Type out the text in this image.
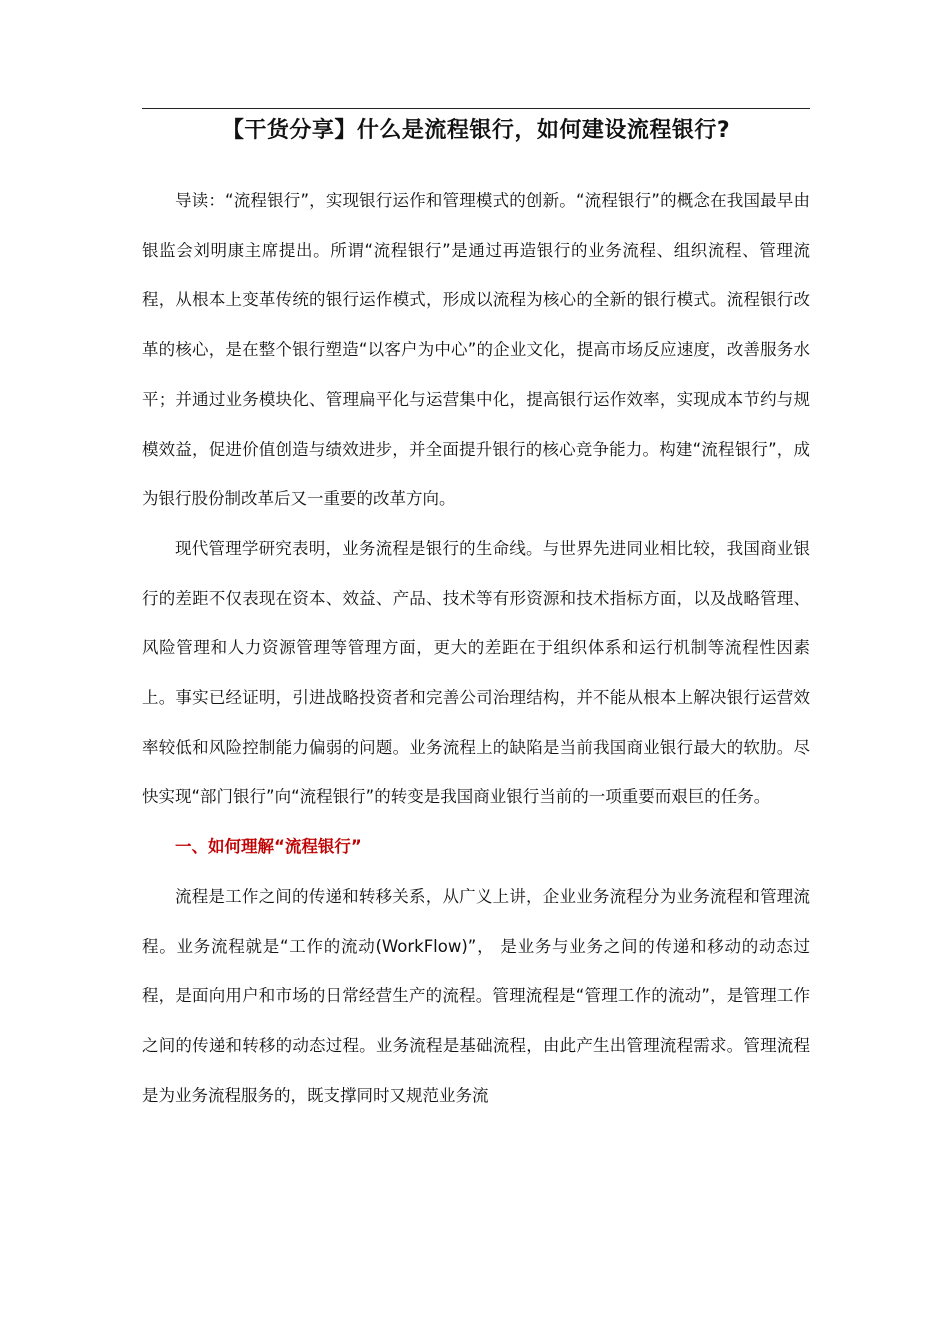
【干货分享】什么是流程银行，如何建设流程银行?

导读：“流程银行”，实现银行运作和管理模式的创新。“流程银行”的概念在我国最早由银监会刘明康主席提出。所谓“流程银行”是通过再造银行的业务流程、组织流程、管理流程，从根本上变革传统的银行运作模式，形成以流程为核心的全新的银行模式。流程银行改革的核心，是在整个银行塑造“以客户为中心”的企业文化，提高市场反应速度，改善服务水平；并通过业务模块化、管理扁平化与运营集中化，提高银行运作效率，实现成本节约与规模效益，促进价值创造与绩效进步，并全面提升银行的核心竞争能力。构建“流程银行”，成为银行股份制改革后又一重要的改革方向。

现代管理学研究表明，业务流程是银行的生命线。与世界先进同业相比较，我国商业银行的差距不仅表现在资本、效益、产品、技术等有形资源和技术指标方面，以及战略管理、风险管理和人力资源管理等管理方面，更大的差距在于组织体系和运行机制等流程性因素上。事实已经证明，引进战略投资者和完善公司治理结构，并不能从根本上解决银行运营效率较低和风险控制能力偏弱的问题。业务流程上的缺陷是当前我国商业银行最大的软肋。尽快实现“部门银行”向“流程银行”的转变是我国商业银行当前的一项重要而艰巨的任务。

一、如何理解“流程银行”

流程是工作之间的传递和转移关系，从广义上讲，企业业务流程分为业务流程和管理流程。业务流程就是“工作的流动(WorkFlow)”， 是业务与业务之间的传递和移动的动态过程，是面向用户和市场的日常经营生产的流程。管理流程是“管理工作的流动”，是管理工作之间的传递和转移的动态过程。业务流程是基础流程，由此产生出管理流程需求。管理流程是为业务流程服务的，既支撑同时又规范业务流
